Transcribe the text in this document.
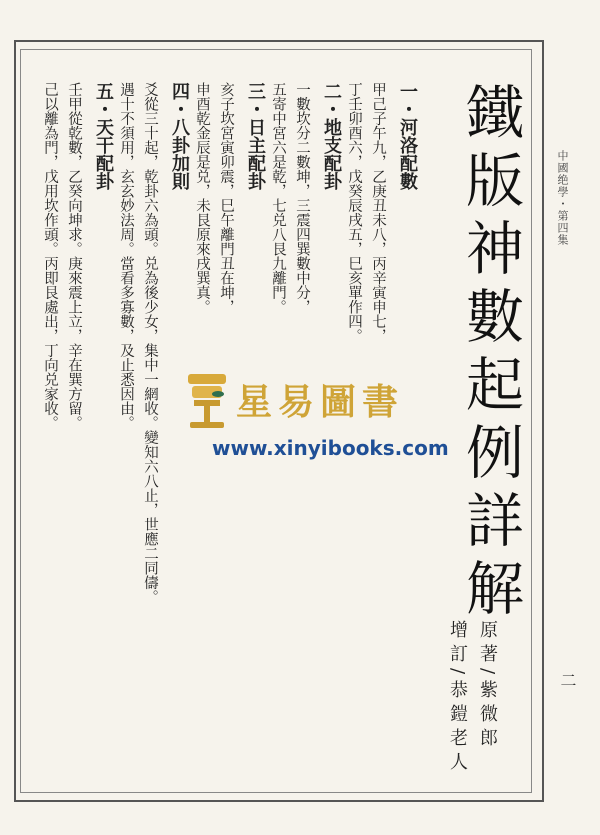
中國绝學・第四集
二
鐵版神數起例詳解
原著/紫微郎
增訂/恭鎧老人
一・河洛配數
甲己子午九，乙庚丑未八，丙辛寅申七，
丁壬卯酉六，戊癸辰戌五，巳亥單作四。
二・地支配卦
一數坎分二數坤，三震四巽數中分，
五寄中宮六是乾，七兑八艮九離門。
三・日主配卦
亥子坎宮寅卯震，巳午離門丑在坤，
申酉乾金辰是兑，未艮原來戌巽真。
四・八卦加則
爻從三十起，乾卦六為頭。兑為後少女，集中一網收。變知六八止，世應二同儔。
遇十不須用，玄玄妙法周。當看多寡數，及止悉因由。
五・天干配卦
壬甲從乾數，乙癸向坤求。庚來震上立，辛在巽方留。
己以離為門，戊用坎作頭。丙即艮處出，丁向兑家收。	星易圖書
www.xinyibooks.com
